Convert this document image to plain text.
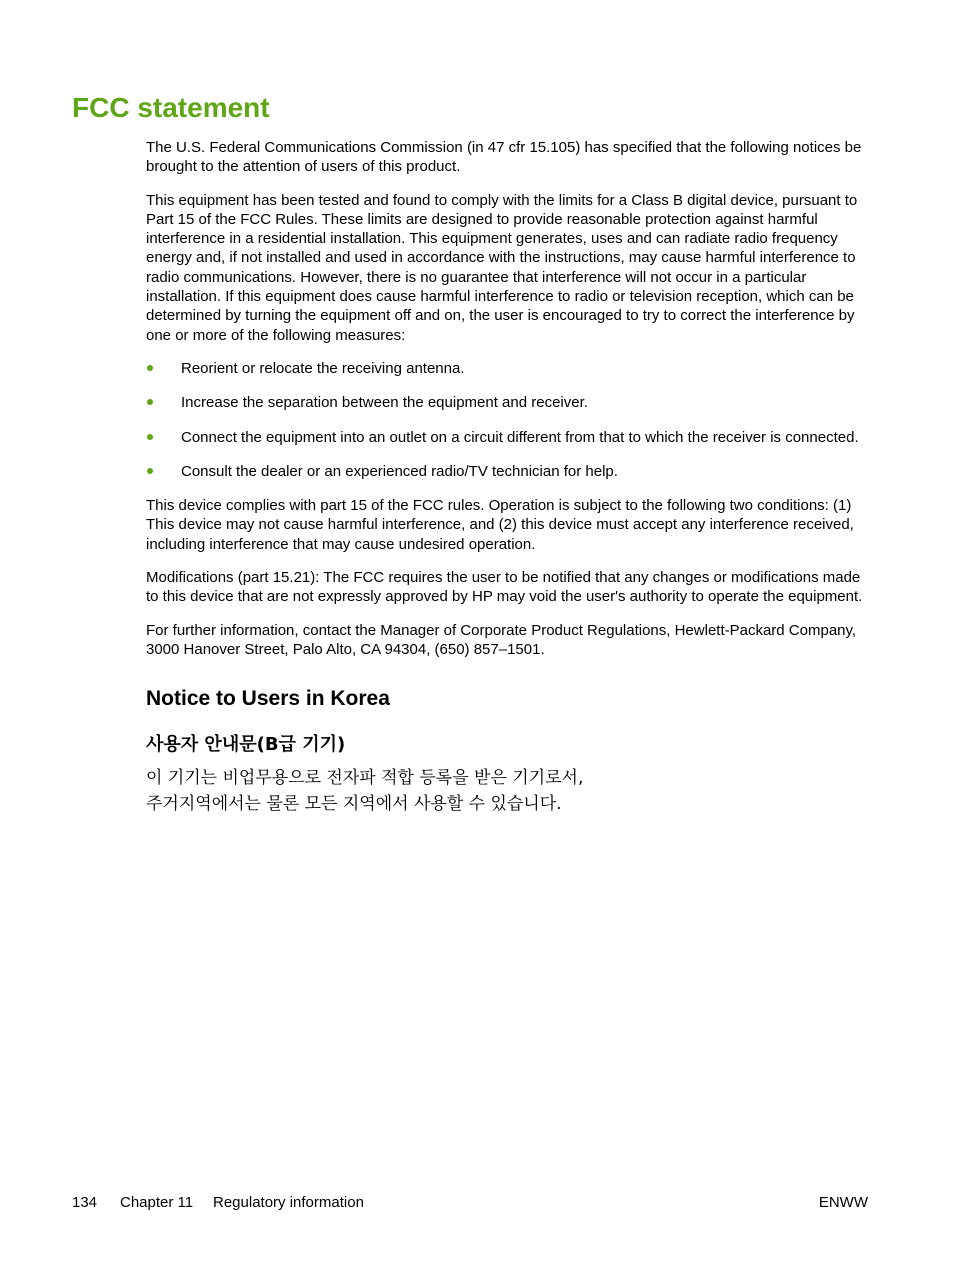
FCC statement

The U.S. Federal Communications Commission (in 47 cfr 15.105) has specified that the following notices be brought to the attention of users of this product.

This equipment has been tested and found to comply with the limits for a Class B digital device, pursuant to Part 15 of the FCC Rules. These limits are designed to provide reasonable protection against harmful interference in a residential installation. This equipment generates, uses and can radiate radio frequency energy and, if not installed and used in accordance with the instructions, may cause harmful interference to radio communications. However, there is no guarantee that interference will not occur in a particular installation. If this equipment does cause harmful interference to radio or television reception, which can be determined by turning the equipment off and on, the user is encouraged to try to correct the interference by one or more of the following measures:

Reorient or relocate the receiving antenna.
Increase the separation between the equipment and receiver.
Connect the equipment into an outlet on a circuit different from that to which the receiver is connected.
Consult the dealer or an experienced radio/TV technician for help.

This device complies with part 15 of the FCC rules. Operation is subject to the following two conditions: (1) This device may not cause harmful interference, and (2) this device must accept any interference received, including interference that may cause undesired operation.

Modifications (part 15.21): The FCC requires the user to be notified that any changes or modifications made to this device that are not expressly approved by HP may void the user's authority to operate the equipment.

For further information, contact the Manager of Corporate Product Regulations, Hewlett-Packard Company, 3000 Hanover Street, Palo Alto, CA 94304, (650) 857–1501.

Notice to Users in Korea
사용자 안내문(B급 기기)
이 기기는 비업무용으로 전자파 적합 등록을 받은 기기로서,
주거지역에서는 물론 모든 지역에서 사용할 수 있습니다.
134 Chapter 11 Regulatory information	ENWW
